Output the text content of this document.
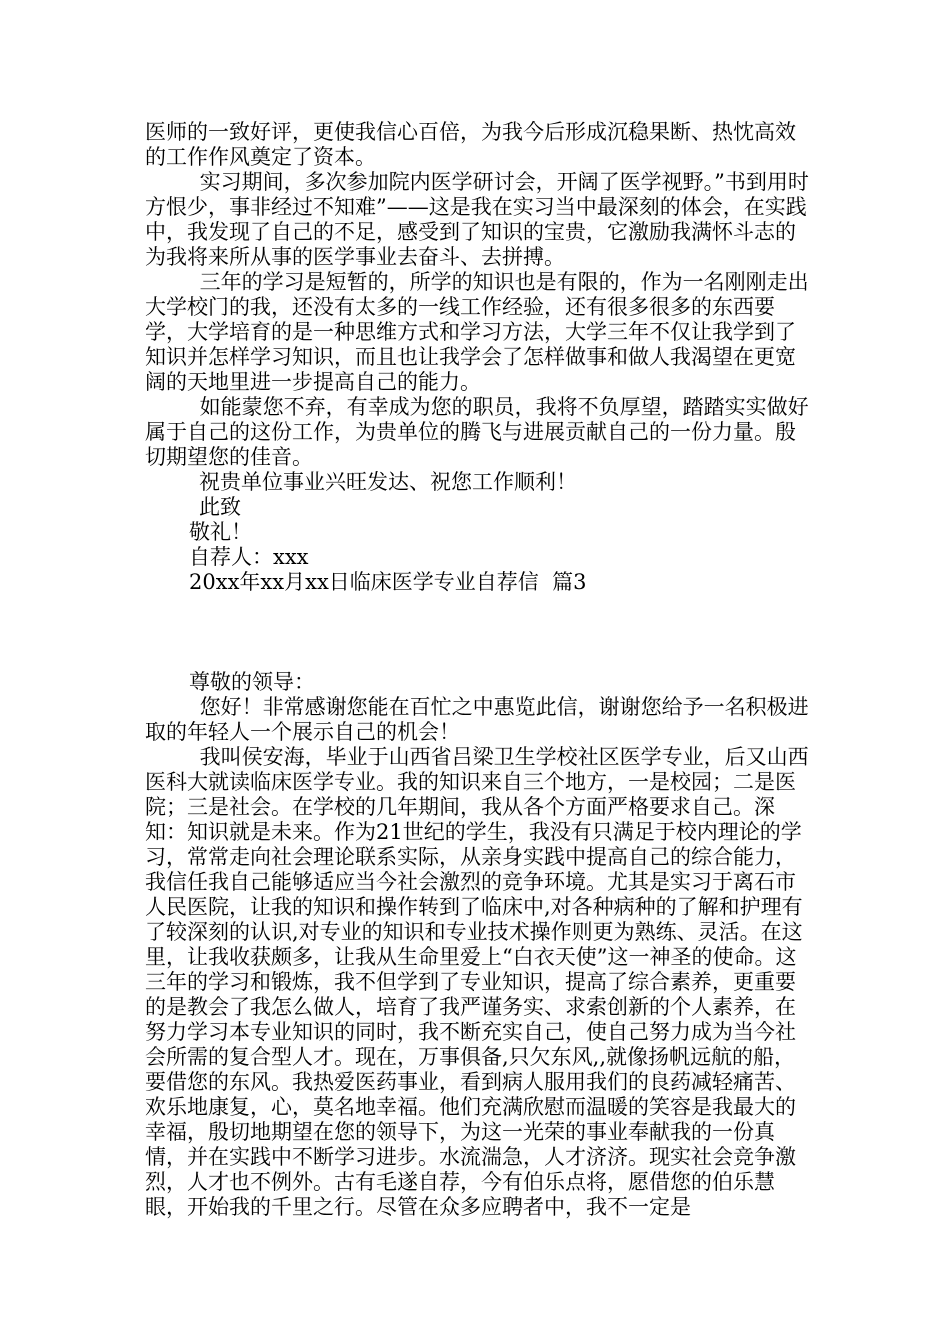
医师的一致好评，更使我信心百倍，为我今后形成沉稳果断、热忱高效的工作作风奠定了资本。

实习期间，多次参加院内医学研讨会，开阔了医学视野。”书到用时方恨少，事非经过不知难”——这是我在实习当中最深刻的体会，在实践中，我发现了自己的不足，感受到了知识的宝贵，它激励我满怀斗志的为我将来所从事的医学事业去奋斗、去拼搏。

三年的学习是短暂的，所学的知识也是有限的，作为一名刚刚走出大学校门的我，还没有太多的一线工作经验，还有很多很多的东西要学，大学培育的是一种思维方式和学习方法，大学三年不仅让我学到了知识并怎样学习知识，而且也让我学会了怎样做事和做人我渴望在更宽阔的天地里进一步提高自己的能力。

如能蒙您不弃，有幸成为您的职员，我将不负厚望，踏踏实实做好属于自己的这份工作，为贵单位的腾飞与进展贡献自己的一份力量。殷切期望您的佳音。

祝贵单位事业兴旺发达、祝您工作顺利！

此致

敬礼！

自荐人：xxx

20xx年xx月xx日临床医学专业自荐信  篇3

尊敬的领导：

您好！非常感谢您能在百忙之中惠览此信，谢谢您给予一名积极进取的年轻人一个展示自己的机会！

我叫侯安海，毕业于山西省吕梁卫生学校社区医学专业，后又山西医科大就读临床医学专业。我的知识来自三个地方，一是校园；二是医院；三是社会。在学校的几年期间，我从各个方面严格要求自己。深知：知识就是未来。作为21世纪的学生，我没有只满足于校内理论的学习，常常走向社会理论联系实际，从亲身实践中提高自己的综合能力，我信任我自己能够适应当今社会激烈的竞争环境。尤其是实习于离石市人民医院，让我的知识和操作转到了临床中,对各种病种的了解和护理有了较深刻的认识,对专业的知识和专业技术操作则更为熟练、灵活。在这里，让我收获颇多，让我从生命里爱上“白衣天使”这一神圣的使命。这三年的学习和锻炼，我不但学到了专业知识，提高了综合素养，更重要的是教会了我怎么做人，培育了我严谨务实、求索创新的个人素养，在努力学习本专业知识的同时，我不断充实自己，使自己努力成为当今社会所需的复合型人才。现在，万事俱备,只欠东风,,就像扬帆远航的船，要借您的东风。我热爱医药事业，看到病人服用我们的良药减轻痛苦、欢乐地康复，心，莫名地幸福。他们充满欣慰而温暖的笑容是我最大的幸福，殷切地期望在您的领导下，为这一光荣的事业奉献我的一份真情，并在实践中不断学习进步。水流湍急，人才济济。现实社会竞争激烈，人才也不例外。古有毛遂自荐，今有伯乐点将，愿借您的伯乐慧眼，开始我的千里之行。尽管在众多应聘者中，我不一定是
